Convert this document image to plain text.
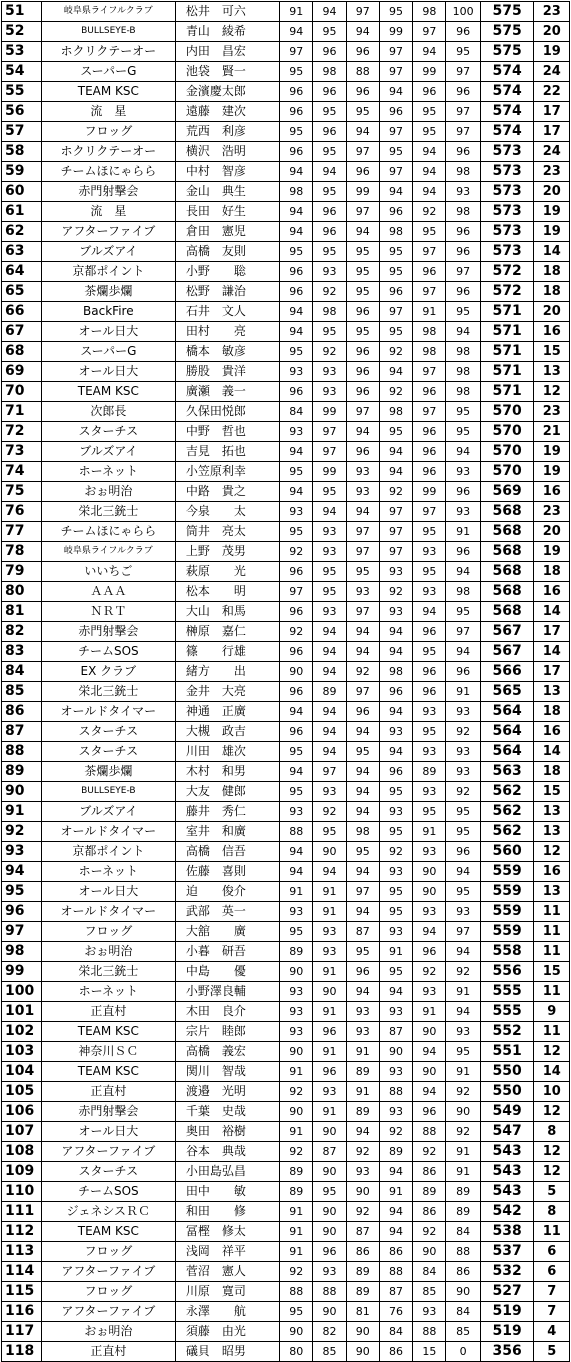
51	岐阜県ライフルクラブ	松井　可六	91	94	97	95	98	100	575	23
52	BULLSEYE-B	青山　綾希	94	95	94	99	97	96	575	20
53	ホクリクテーオー	内田　昌宏	97	96	96	97	94	95	575	19
54	スーパーG	池袋　賢一	95	98	88	97	99	97	574	24
55	TEAM KSC	金濱慶太郎	96	96	96	94	96	96	574	22
56	流　星	遠藤　建次	96	95	95	96	95	97	574	17
57	フロッグ	荒西　利彦	95	96	94	97	95	97	574	17
58	ホクリクテーオー	横沢　浩明	96	95	97	95	94	96	573	24
59	チームほにゃらら	中村　智彦	94	94	96	97	94	98	573	23
60	赤門射撃会	金山　典生	98	95	99	94	94	93	573	20
61	流　星	長田　好生	94	96	97	96	92	98	573	19
62	アフターファイブ	倉田　憲児	94	96	94	98	95	96	573	19
63	ブルズアイ	高橋　友則	95	95	95	95	97	96	573	14
64	京都ポイント	小野　　聡	96	93	95	95	96	97	572	18
65	茶爛歩爛	松野　謙治	96	92	95	96	97	96	572	18
66	BackFire	石井　文人	94	98	96	97	91	95	571	20
67	オール日大	田村　　亮	94	95	95	95	98	94	571	16
68	スーパーG	橋本　敏彦	95	92	96	92	98	98	571	15
69	オール日大	勝股　貴洋	93	93	96	94	97	98	571	13
70	TEAM KSC	廣瀬　義一	96	93	96	92	96	98	571	12
71	次郎長	久保田悦郎	84	99	97	98	97	95	570	23
72	スターチス	中野　哲也	93	97	94	95	96	95	570	21
73	ブルズアイ	吉見　拓也	94	97	96	94	96	94	570	19
74	ホーネット	小笠原利幸	95	99	93	94	96	93	570	19
75	おぉ明治	中路　貴之	94	95	93	92	99	96	569	16
76	栄北三銃士	今泉　　太	93	94	94	97	97	93	568	23
77	チームほにゃらら	筒井　亮太	95	93	97	97	95	91	568	20
78	岐阜県ライフルクラブ	上野　茂男	92	93	97	97	93	96	568	19
79	いいちご	萩原　　光	96	95	95	93	95	94	568	18
80	ＡＡＡ	松本　　明	97	95	93	92	93	98	568	16
81	ＮＲＴ	大山　和馬	96	93	97	93	94	95	568	14
82	赤門射撃会	榊原　嘉仁	92	94	94	94	96	97	567	17
83	チームSOS	篠　　行雄	96	94	94	94	95	94	567	14
84	EX クラブ	緒方　　出	90	94	92	98	96	96	566	17
85	栄北三銃士	金井　大亮	96	89	97	96	96	91	565	13
86	オールドタイマー	神通　正廣	94	94	96	94	93	93	564	18
87	スターチス	大槻　政吉	96	94	94	93	95	92	564	16
88	スターチス	川田　雄次	95	94	95	94	93	93	564	14
89	茶爛歩爛	木村　和男	94	97	94	96	89	93	563	18
90	BULLSEYE-B	大友　健郎	95	93	94	95	93	92	562	15
91	ブルズアイ	藤井　秀仁	93	92	94	93	95	95	562	13
92	オールドタイマー	室井　和廣	88	95	98	95	91	95	562	13
93	京都ポイント	高橋　信吾	94	90	95	92	93	96	560	12
94	ホーネット	佐藤　喜則	94	94	94	93	90	94	559	16
95	オール日大	迫　　俊介	91	91	97	95	90	95	559	13
96	オールドタイマー	武部　英一	93	91	94	95	93	93	559	11
97	フロッグ	大舘　　廣	95	93	87	93	94	97	559	11
98	おぉ明治	小暮　研吾	89	93	95	91	96	94	558	11
99	栄北三銃士	中島　　優	90	91	96	95	92	92	556	15
100	ホーネット	小野澤良輔	93	90	94	94	93	91	555	11
101	正直村	木田　良介	93	91	93	93	91	94	555	9
102	TEAM KSC	宗片　睦郎	93	96	93	87	90	93	552	11
103	神奈川ＳＣ	高橋　義宏	90	91	91	90	94	95	551	12
104	TEAM KSC	関川　智哉	91	96	89	93	90	91	550	14
105	正直村	渡邉　光明	92	93	91	88	94	92	550	10
106	赤門射撃会	千葉　史哉	90	91	89	93	96	90	549	12
107	オール日大	奥田　裕樹	91	90	94	92	88	92	547	8
108	アフターファイブ	谷本　典哉	92	87	92	89	92	91	543	12
109	スターチス	小田島弘昌	89	90	93	94	86	91	543	12
110	チームSOS	田中　　敏	89	95	90	91	89	89	543	5
111	ジェネシスＲＣ	和田　　修	91	90	92	94	86	89	542	8
112	TEAM KSC	冨樫　修太	91	90	87	94	92	84	538	11
113	フロッグ	浅岡　祥平	91	96	86	86	90	88	537	6
114	アフターファイブ	菅沼　憲人	92	93	89	88	84	86	532	6
115	フロッグ	川原　寛司	88	88	89	87	85	90	527	7
116	アフターファイブ	永澤　　航	95	90	81	76	93	84	519	7
117	おぉ明治	須藤　由光	90	82	90	84	88	85	519	4
118	正直村	礒貝　昭男	80	85	90	86	15	0	356	5
